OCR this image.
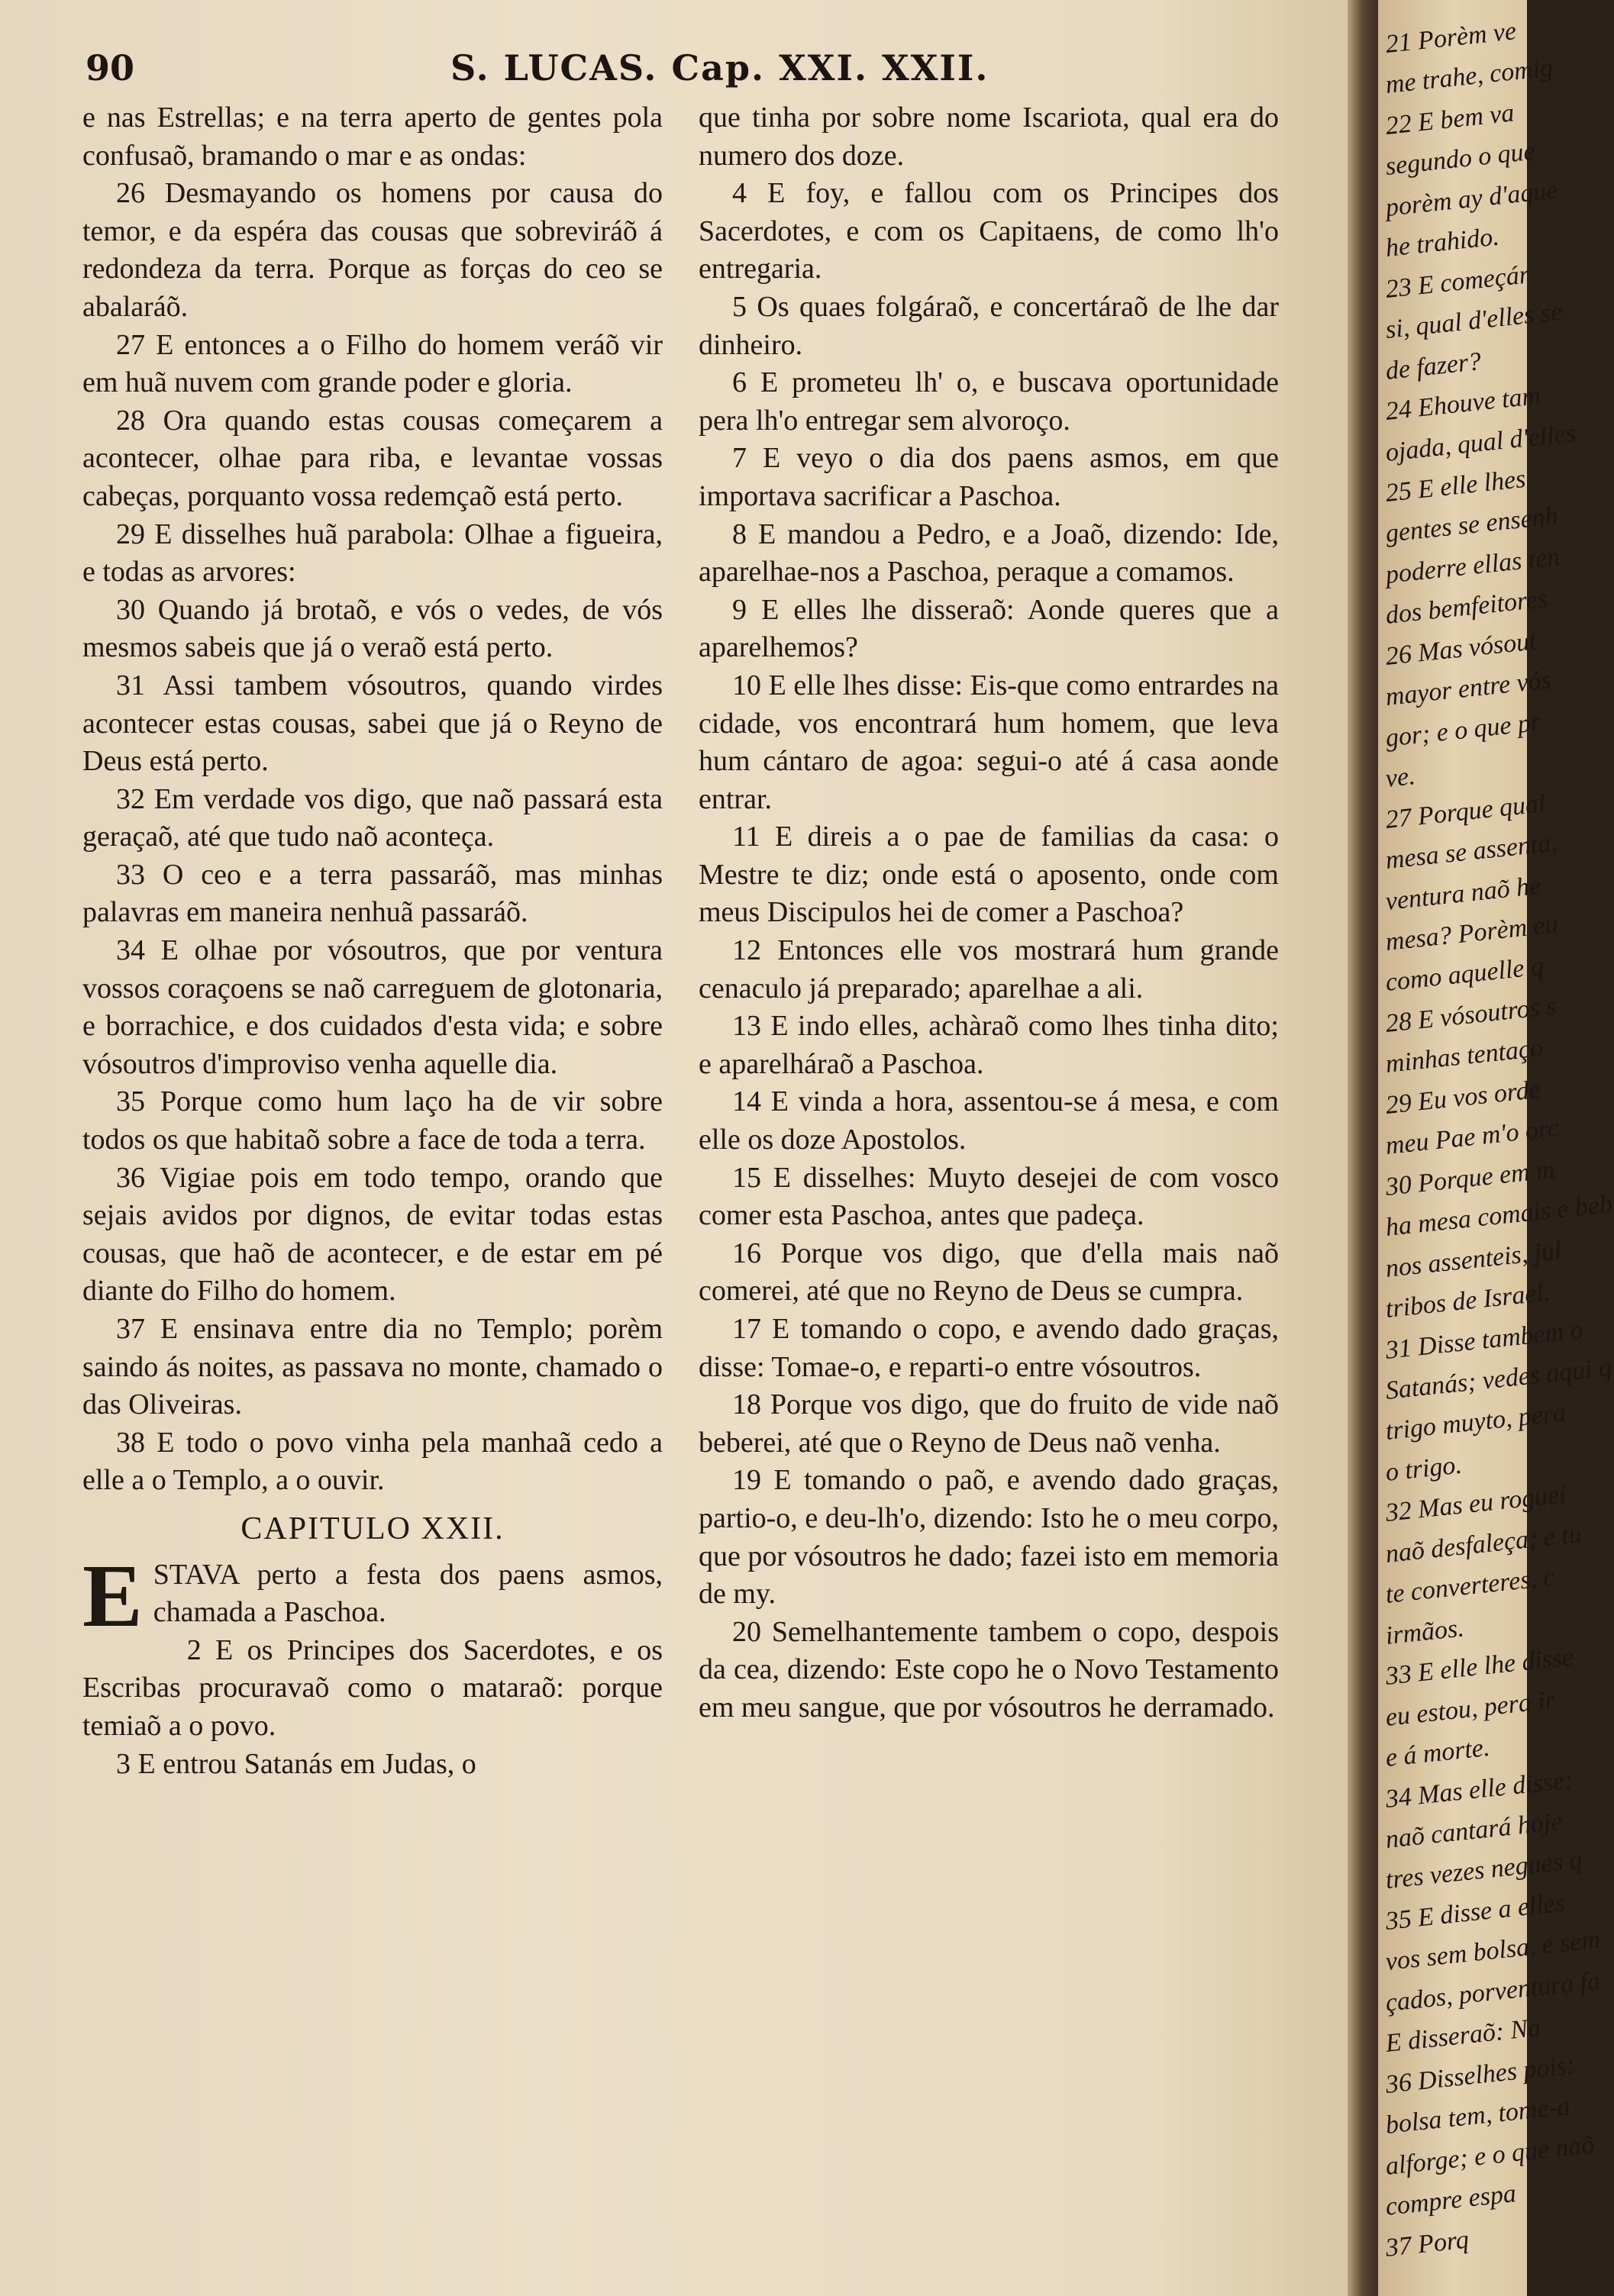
90	S. LUCAS. Cap. XXI. XXII.

e nas Estrellas; e na terra aperto de gentes pola confusaõ, bramando o mar e as ondas:

26 Desmayando os homens por causa do temor, e da espéra das cousas que sobreviráõ á redondeza da terra. Porque as forças do ceo se abalaráõ.

27 E entonces a o Filho do homem veráõ vir em huã nuvem com grande poder e gloria.

28 Ora quando estas cousas começarem a acontecer, olhae para riba, e levantae vossas cabeças, porquanto vossa redemçaõ está perto.

29 E disselhes huã parabola: Olhae a figueira, e todas as arvores:

30 Quando já brotaõ, e vós o vedes, de vós mesmos sabeis que já o veraõ está perto.

31 Assi tambem vósoutros, quando virdes acontecer estas cousas, sabei que já o Reyno de Deus está perto.

32 Em verdade vos digo, que naõ passará esta geraçaõ, até que tudo naõ aconteça.

33 O ceo e a terra passaráõ, mas minhas palavras em maneira nenhuã passaráõ.

34 E olhae por vósoutros, que por ventura vossos coraçoens se naõ carreguem de glotonaria, e borrachice, e dos cuidados d'esta vida; e sobre vósoutros d'improviso venha aquelle dia.

35 Porque como hum laço ha de vir sobre todos os que habitaõ sobre a face de toda a terra.

36 Vigiae pois em todo tempo, orando que sejais avidos por dignos, de evitar todas estas cousas, que haõ de acontecer, e de estar em pé diante do Filho do homem.

37 E ensinava entre dia no Templo; porèm saindo ás noites, as passava no monte, chamado o das Oliveiras.

38 E todo o povo vinha pela manhaã cedo a elle a o Templo, a o ouvir.

CAPITULO XXII.

E STAVA perto a festa dos paens asmos, chamada a Paschoa.

2 E os Principes dos Sacerdotes, e os Escribas procuravaõ como o mataraõ: porque temiaõ a o povo.

3 E entrou Satanás em Judas, o

que tinha por sobre nome Iscariota, qual era do numero dos doze.

4 E foy, e fallou com os Principes dos Sacerdotes, e com os Capitaens, de como lh'o entregaria.

5 Os quaes folgáraõ, e concertáraõ de lhe dar dinheiro.

6 E prometeu lh' o, e buscava oportunidade pera lh'o entregar sem alvoroço.

7 E veyo o dia dos paens asmos, em que importava sacrificar a Paschoa.

8 E mandou a Pedro, e a Joaõ, dizendo: Ide, aparelhae-nos a Paschoa, peraque a comamos.

9 E elles lhe disseraõ: Aonde queres que a aparelhemos?

10 E elle lhes disse: Eis-que como entrardes na cidade, vos encontrará hum homem, que leva hum cántaro de agoa: segui-o até á casa aonde entrar.

11 E direis a o pae de familias da casa: o Mestre te diz; onde está o aposento, onde com meus Discipulos hei de comer a Paschoa?

12 Entonces elle vos mostrará hum grande cenaculo já preparado; aparelhae a ali.

13 E indo elles, achàraõ como lhes tinha dito; e aparelháraõ a Paschoa.

14 E vinda a hora, assentou-se á mesa, e com elle os doze Apostolos.

15 E disselhes: Muyto desejei de com vosco comer esta Paschoa, antes que padeça.

16 Porque vos digo, que d'ella mais naõ comerei, até que no Reyno de Deus se cumpra.

17 E tomando o copo, e avendo dado graças, disse: Tomae-o, e reparti-o entre vósoutros.

18 Porque vos digo, que do fruito de vide naõ beberei, até que o Reyno de Deus naõ venha.

19 E tomando o paõ, e avendo dado graças, partio-o, e deu-lh'o, dizendo: Isto he o meu corpo, que por vósoutros he dado; fazei isto em memoria de my.

20 Semelhantemente tambem o copo, despois da cea, dizendo: Este copo he o Novo Testamento em meu sangue, que por vósoutros he derramado.

21 Porèm ve
me trahe, comig
22 E bem va
segundo o que
porèm ay d'aque
he trahido.
23 E começár
si, qual d'elles se
de fazer?
24 Ehouve tam
ojada, qual d'elles
25 E elle lhes
gentes se ensenh
poderre ellas ten
dos bemfeitores
26 Mas vósout
mayor entre vós
gor; e o que pr
ve.
27 Porque qual
mesa se assenta,
ventura naõ he
mesa? Porèm eu
como aquelle q
28 E vósoutros s
minhas tentaço
29 Eu vos orde
meu Pae m'o orc
30 Porque em m
ha mesa comais e beb
nos assenteis, jul
tribos de Israel.
31 Disse tambem o
Satanás; vedes aqui q
trigo muyto, pera
o trigo.
32 Mas eu roguei
naõ desfaleça; e tu
te converteres, c
irmãos.
33 E elle lhe disse
eu estou, pera ir
e á morte.
34 Mas elle disse:
naõ cantará hoje
tres vezes negues q
35 E disse a elles
vos sem bolsa, e sem
çados, porventura fa
E disseraõ: Na
36 Disselhes pois:
bolsa tem, tome-a
alforge; e o que naõ
compre espa
37 Porq
